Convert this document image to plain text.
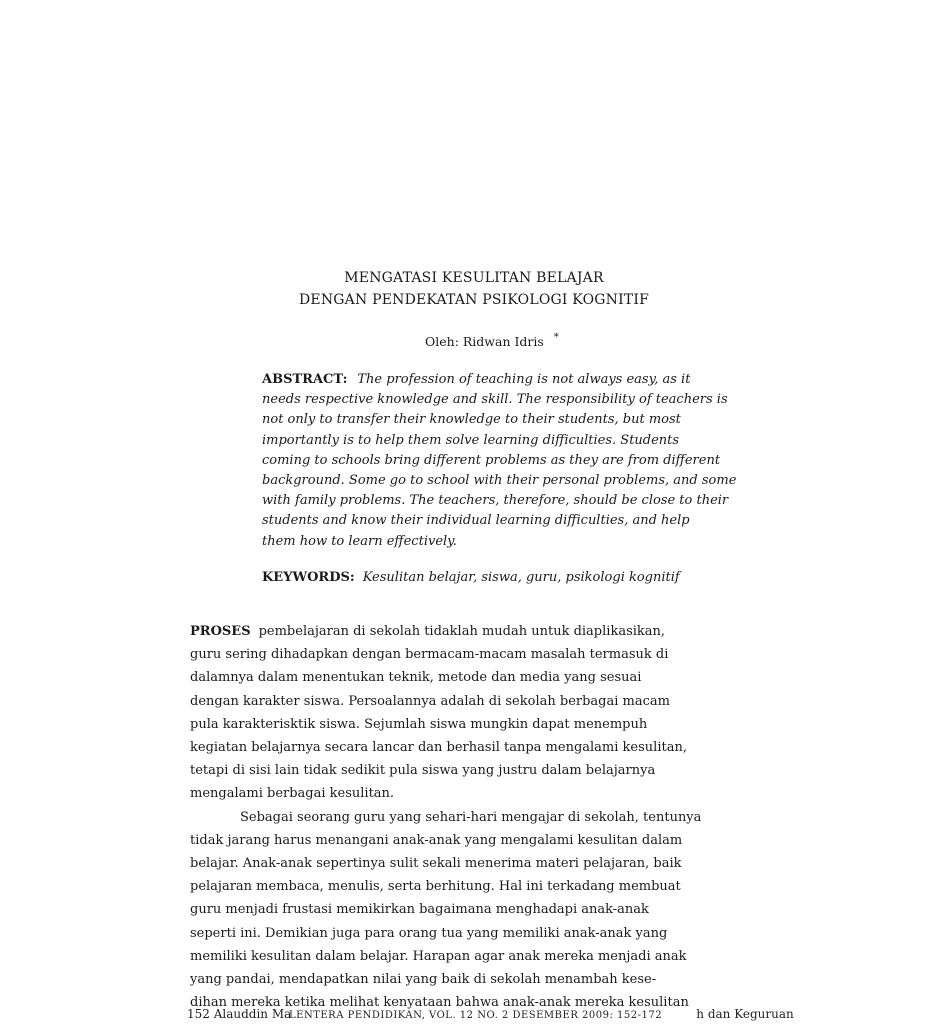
MENGATASI KESULITAN BELAJAR
DENGAN PENDEKATAN PSIKOLOGI KOGNITIF
Oleh: Ridwan Idris *
ABSTRACT: The profession of teaching is not always easy, as it
needs respective knowledge and skill. The responsibility of teachers is
not only to transfer their knowledge to their students, but most
importantly is to help them solve learning difficulties. Students
coming to schools bring different problems as they are from different
background. Some go to school with their personal problems, and some
with family problems. The teachers, therefore, should be close to their
students and know their individual learning difficulties, and help
them how to learn effectively.
KEYWORDS: Kesulitan belajar, siswa, guru, psikologi kognitif
PROSES pembelajaran di sekolah tidaklah mudah untuk diaplikasikan,
guru sering dihadapkan dengan bermacam-macam masalah termasuk di
dalamnya dalam menentukan teknik, metode dan media yang sesuai
dengan karakter siswa. Persoalannya adalah di sekolah berbagai macam
pula karakterisktik siswa. Sejumlah siswa mungkin dapat menempuh
kegiatan belajarnya secara lancar dan berhasil tanpa mengalami kesulitan,
tetapi di sisi lain tidak sedikit pula siswa yang justru dalam belajarnya
mengalami berbagai kesulitan.
Sebagai seorang guru yang sehari-hari mengajar di sekolah, tentunya
tidak jarang harus menangani anak-anak yang mengalami kesulitan dalam
belajar. Anak-anak sepertinya sulit sekali menerima materi pelajaran, baik
pelajaran membaca, menulis, serta berhitung. Hal ini terkadang membuat
guru menjadi frustasi memikirkan bagaimana menghadapi anak-anak
seperti ini. Demikian juga para orang tua yang memiliki anak-anak yang
memiliki kesulitan dalam belajar. Harapan agar anak mereka menjadi anak
yang pandai, mendapatkan nilai yang baik di sekolah menambah kese-
dihan mereka ketika melihat kenyataan bahwa anak-anak mereka kesulitan
152 Alauddin Ma	h dan Keguruan
LENTERA PENDIDIKAN, VOL. 12 NO. 2 DESEMBER 2009: 152-172
